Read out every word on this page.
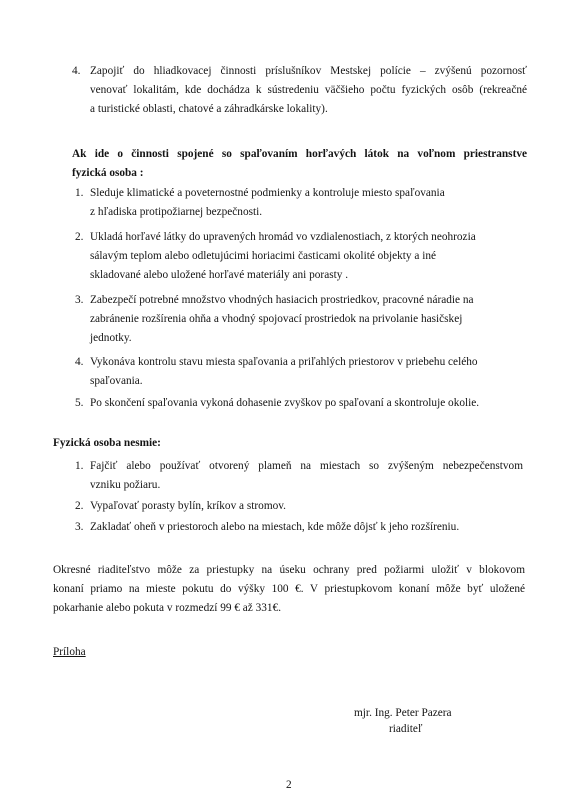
4. Zapojiť do hliadkovacej činnosti príslušníkov Mestskej polície – zvýšenú pozornosť
venovať lokalitám, kde dochádza k sústredeniu väčšieho počtu fyzických osôb (rekreačné
a turistické oblasti, chatové a záhradkárske lokality).
Ak ide o činnosti spojené so spaľovaním horľavých látok na voľnom priestranstve
fyzická osoba :
1. Sleduje klimatické a poveternostné podmienky a kontroluje miesto spaľovania
z hľadiska protipožiarnej bezpečnosti.
2. Ukladá horľavé látky do upravených hromád vo vzdialenostiach, z ktorých neohrozia
sálavým teplom alebo odletujúcimi horiacimi časticami okolité objekty a iné
skladované alebo uložené horľavé materiály ani porasty .
3. Zabezpečí potrebné množstvo vhodných hasiacich prostriedkov, pracovné náradie na
zabránenie rozšírenia ohňa a vhodný spojovací prostriedok na privolanie hasičskej
jednotky.
4. Vykonáva kontrolu stavu miesta spaľovania a priľahlých priestorov v priebehu celého
spaľovania.
5. Po skončení spaľovania vykoná dohasenie zvyškov po spaľovaní a skontroluje okolie.
Fyzická osoba nesmie:
1. Fajčiť alebo používať otvorený plameň na miestach so zvýšeným nebezpečenstvom
vzniku požiaru.
2. Vypaľovať porasty bylín, kríkov a stromov.
3. Zakladať oheň v priestoroch alebo na miestach, kde môže dôjsť k jeho rozšíreniu.
Okresné riaditeľstvo môže za priestupky na úseku ochrany pred požiarmi uložiť v blokovom
konaní priamo na mieste pokutu do výšky 100 €. V priestupkovom konaní môže byť uložené
pokarhanie alebo pokuta v rozmedzí 99 € až 331€.
Príloha
mjr. Ing. Peter Pazera
riaditeľ
2
